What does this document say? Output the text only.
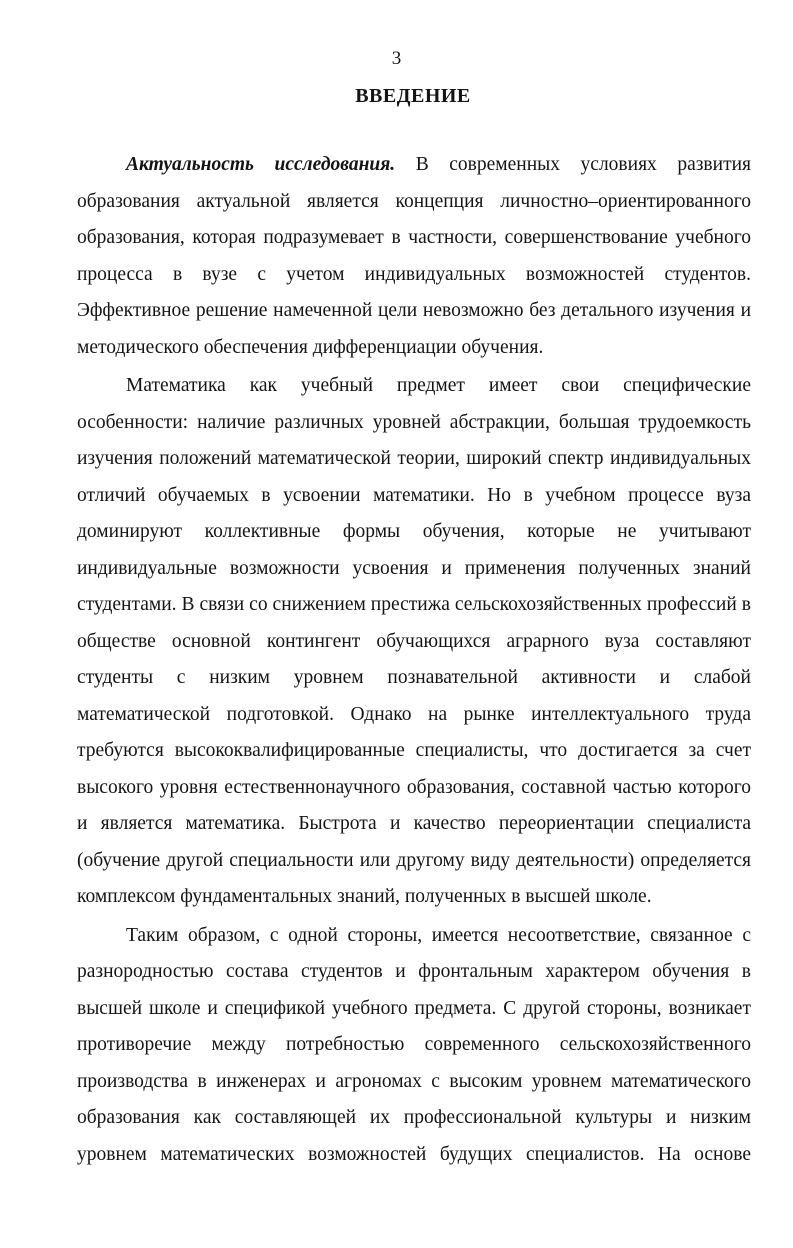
3
ВВЕДЕНИЕ

Актуальность исследования. В современных условиях развития образования актуальной является концепция личностно–ориентированного образования, которая подразумевает в частности, совершенствование учебного процесса в вузе с учетом индивидуальных возможностей студентов. Эффективное решение намеченной цели невозможно без детального изучения и методического обеспечения дифференциации обучения.

Математика как учебный предмет имеет свои специфические особенности: наличие различных уровней абстракции, большая трудоемкость изучения положений математической теории, широкий спектр индивидуальных отличий обучаемых в усвоении математики. Но в учебном процессе вуза доминируют коллективные формы обучения, которые не учитывают индивидуальные возможности усвоения и применения полученных знаний студентами. В связи со снижением престижа сельскохозяйственных профессий в обществе основной контингент обучающихся аграрного вуза составляют студенты с низким уровнем познавательной активности и слабой математической подготовкой. Однако на рынке интеллектуального труда требуются высококвалифицированные специалисты, что достигается за счет высокого уровня естественнонаучного образования, составной частью которого и является математика. Быстрота и качество переориентации специалиста (обучение другой специальности или другому виду деятельности) определяется комплексом фундаментальных знаний, полученных в высшей школе.

Таким образом, с одной стороны, имеется несоответствие, связанное с разнородностью состава студентов и фронтальным характером обучения в высшей школе и спецификой учебного предмета. С другой стороны, возникает противоречие между потребностью современного сельскохозяйственного производства в инженерах и агрономах с высоким уровнем математического образования как составляющей их профессиональной культуры и низким уровнем математических возможностей будущих специалистов. На основе
